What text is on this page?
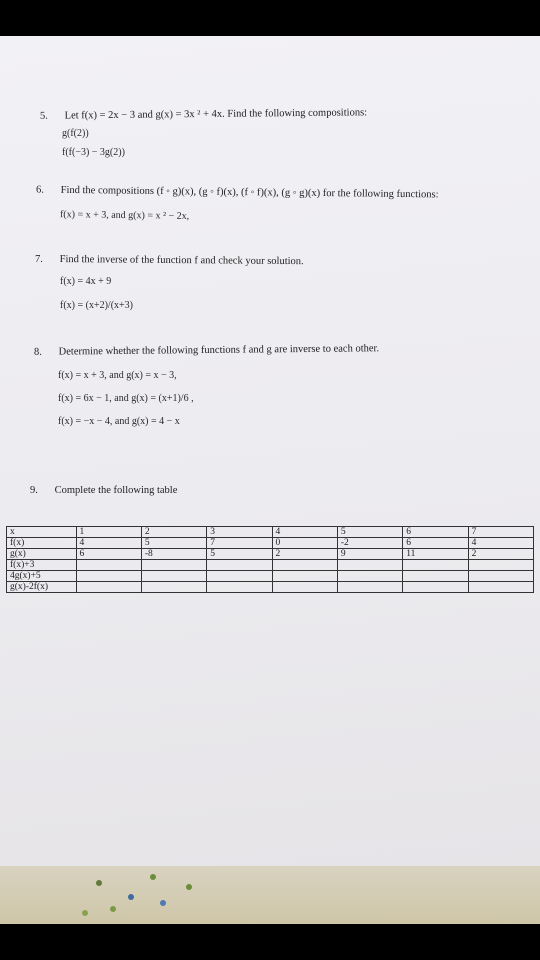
5. Let f(x) = 2x − 3 and g(x) = 3x ² + 4x. Find the following compositions:
g(f(2))
f(f(−3) − 3g(2))
6. Find the compositions (f ◦ g)(x), (g ◦ f)(x), (f ◦ f)(x), (g ◦ g)(x) for the following functions:
f(x) = x + 3, and g(x) = x ² − 2x,
7. Find the inverse of the function f and check your solution.
f(x) = 4x + 9
f(x) = (x+2)/(x+3)
8. Determine whether the following functions f and g are inverse to each other.
f(x) = x + 3, and g(x) = x − 3,
f(x) = 6x − 1, and g(x) = (x+1)/6 ,
f(x) = −x − 4, and g(x) = 4 − x
9. Complete the following table
x	1	2	3	4	5	6	7
f(x)	4	5	7	0	-2	6	4
g(x)	6	-8	5	2	9	11	2
f(x)+3							
4g(x)+5							
g(x)-2f(x)							
